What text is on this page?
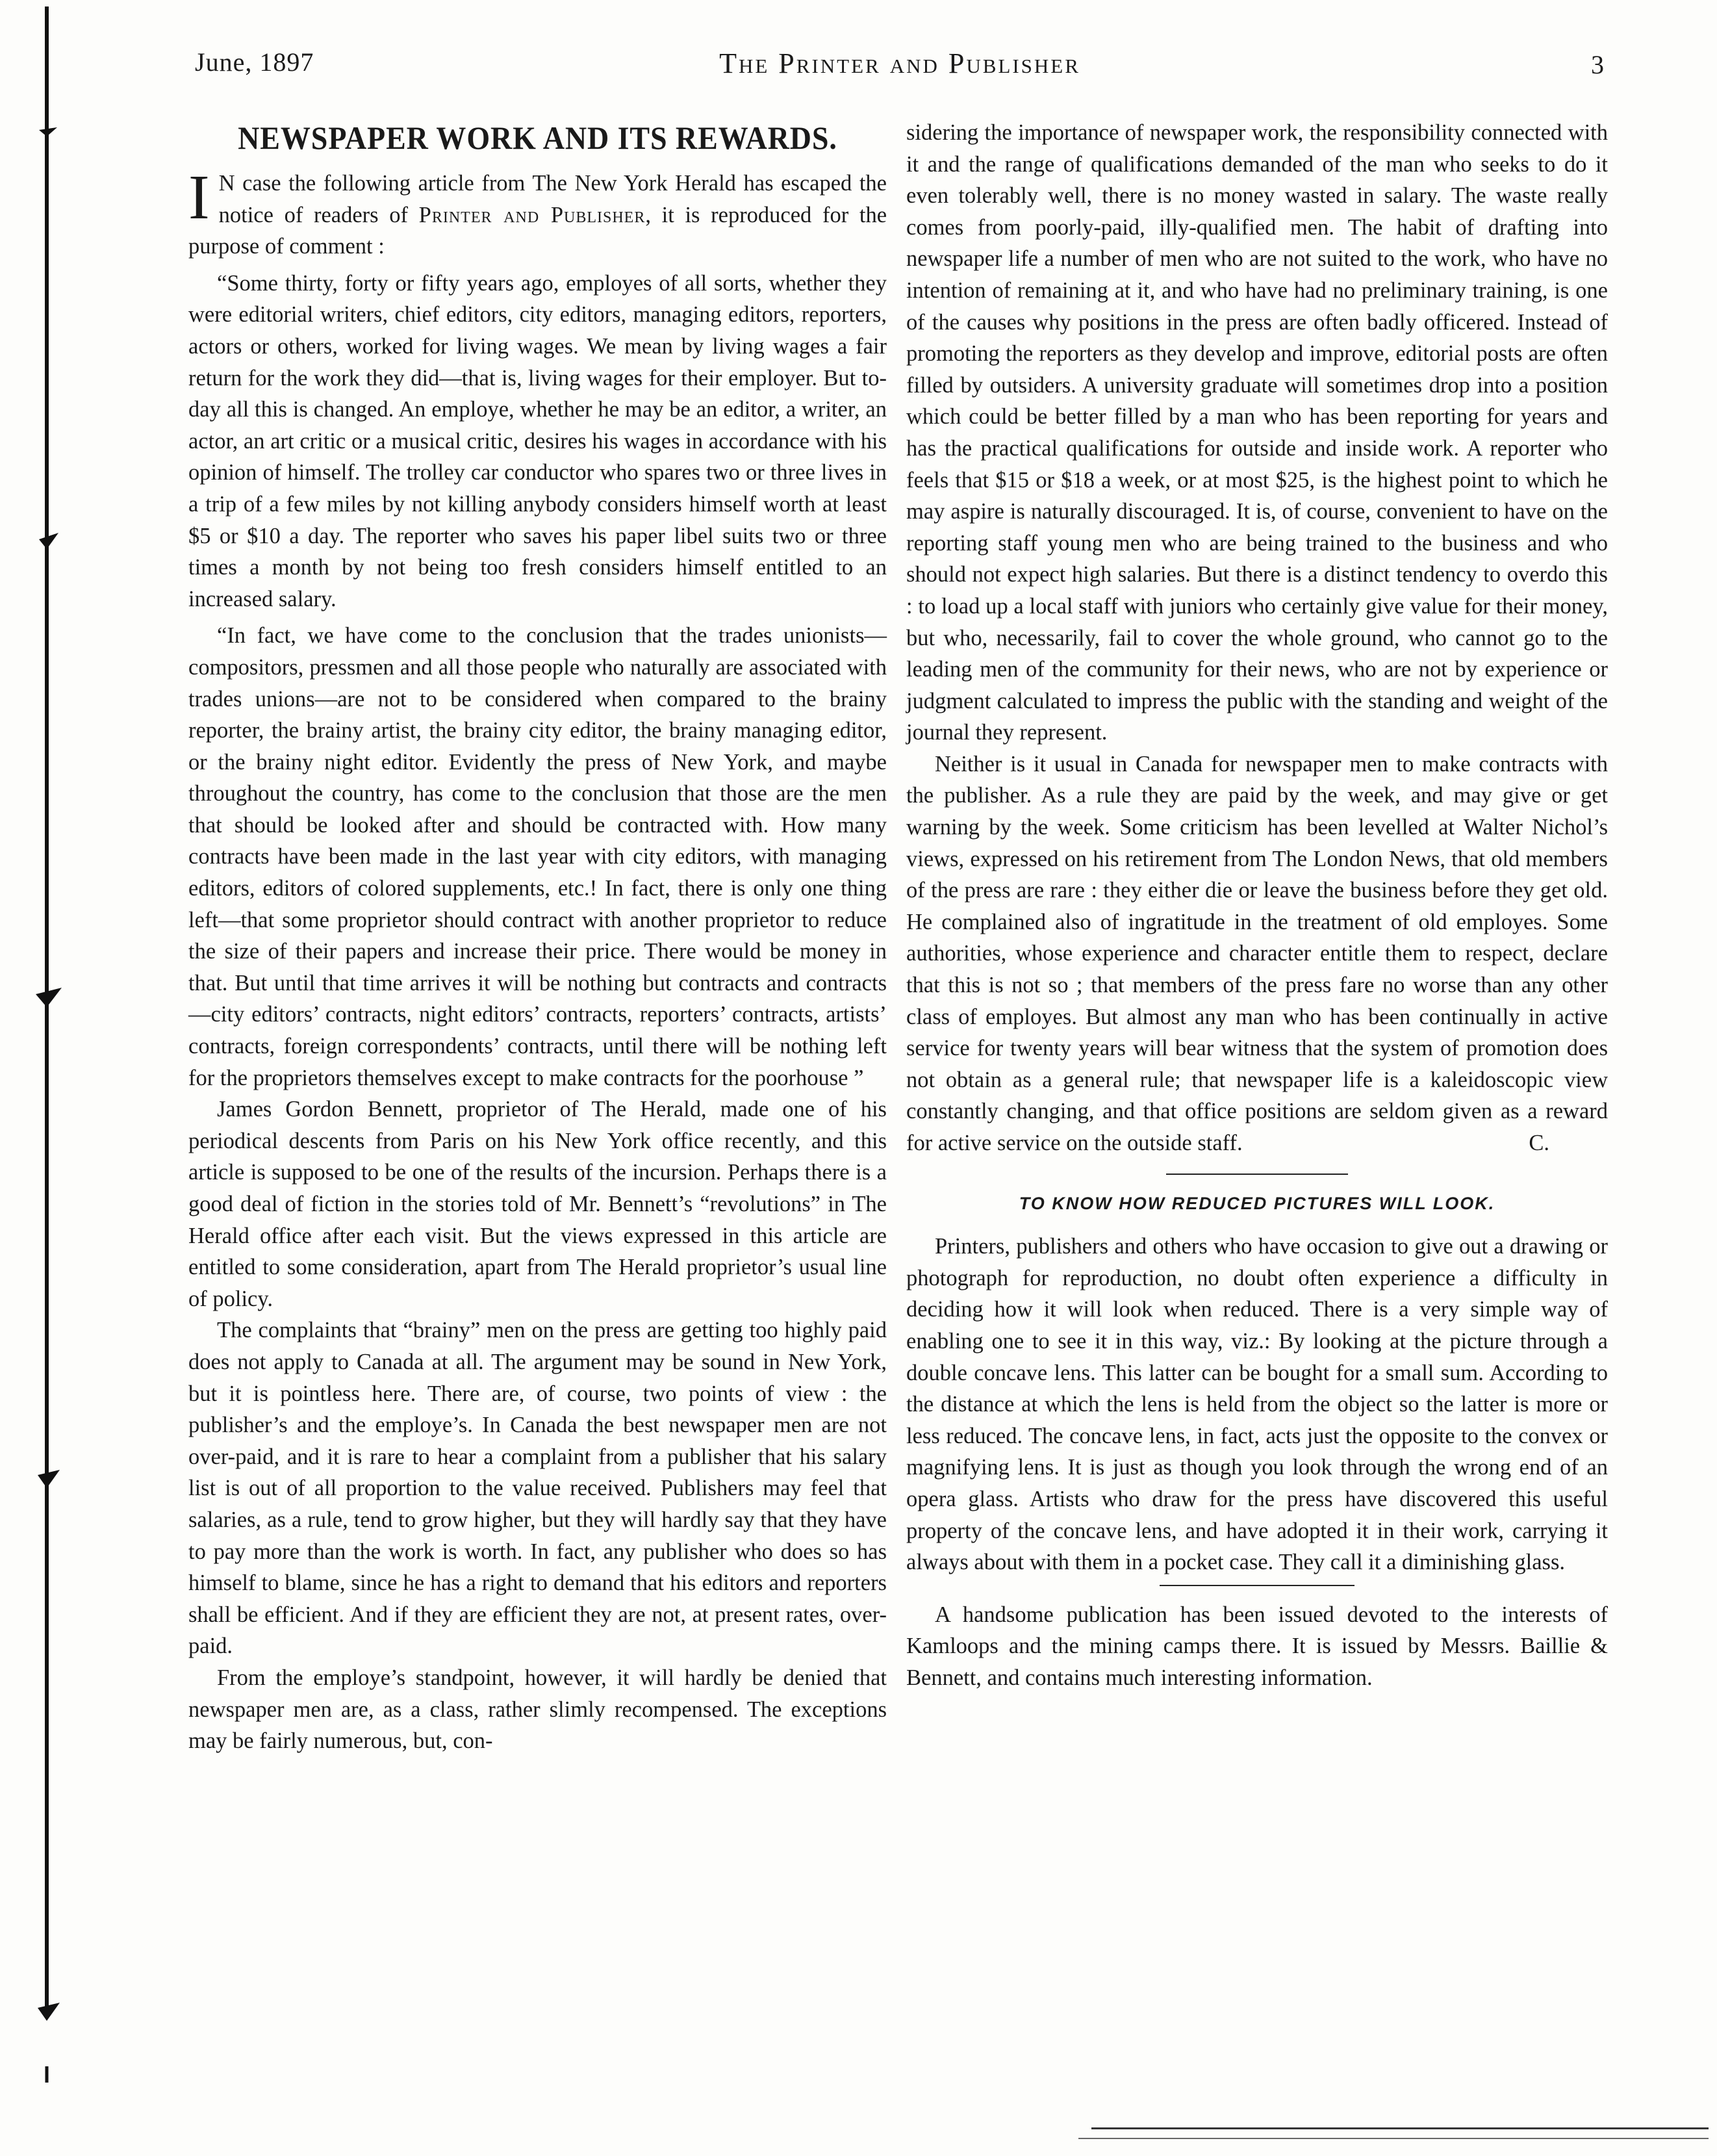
June, 1897	The Printer and Publisher	3
NEWSPAPER WORK AND ITS REWARDS.

I N case the following article from The New York Herald has escaped the notice of readers of Printer and Publisher, it is reproduced for the purpose of comment :

“Some thirty, forty or fifty years ago, employes of all sorts, whether they were editorial writers, chief editors, city editors, managing editors, reporters, actors or others, worked for living wages. We mean by living wages a fair return for the work they did—that is, living wages for their employer. But to-day all this is changed. An employe, whether he may be an editor, a writer, an actor, an art critic or a musical critic, desires his wages in accordance with his opinion of himself. The trolley car conductor who spares two or three lives in a trip of a few miles by not killing anybody considers himself worth at least $5 or $10 a day. The reporter who saves his paper libel suits two or three times a month by not being too fresh considers himself entitled to an increased salary.

“In fact, we have come to the conclusion that the trades unionists—compositors, pressmen and all those people who naturally are associated with trades unions—are not to be considered when compared to the brainy reporter, the brainy artist, the brainy city editor, the brainy managing editor, or the brainy night editor. Evidently the press of New York, and maybe throughout the country, has come to the conclusion that those are the men that should be looked after and should be contracted with. How many contracts have been made in the last year with city editors, with managing editors, editors of colored supplements, etc.! In fact, there is only one thing left—that some proprietor should contract with another proprietor to reduce the size of their papers and increase their price. There would be money in that. But until that time arrives it will be nothing but contracts and contracts—city editors’ contracts, night editors’ contracts, reporters’ contracts, artists’ contracts, foreign correspondents’ contracts, until there will be nothing left for the proprietors themselves except to make contracts for the poorhouse ”

James Gordon Bennett, proprietor of The Herald, made one of his periodical descents from Paris on his New York office recently, and this article is supposed to be one of the results of the incursion. Perhaps there is a good deal of fiction in the stories told of Mr. Bennett’s “revolutions” in The Herald office after each visit. But the views expressed in this article are entitled to some consideration, apart from The Herald proprietor’s usual line of policy.

The complaints that “brainy” men on the press are getting too highly paid does not apply to Canada at all. The argument may be sound in New York, but it is pointless here. There are, of course, two points of view : the publisher’s and the employe’s. In Canada the best newspaper men are not over-paid, and it is rare to hear a complaint from a publisher that his salary list is out of all proportion to the value received. Publishers may feel that salaries, as a rule, tend to grow higher, but they will hardly say that they have to pay more than the work is worth. In fact, any publisher who does so has himself to blame, since he has a right to demand that his editors and reporters shall be efficient. And if they are efficient they are not, at present rates, over-paid.

From the employe’s standpoint, however, it will hardly be denied that newspaper men are, as a class, rather slimly recompensed. The exceptions may be fairly numerous, but, con-

sidering the importance of newspaper work, the responsibility connected with it and the range of qualifications demanded of the man who seeks to do it even tolerably well, there is no money wasted in salary. The waste really comes from poorly-paid, illy-qualified men. The habit of drafting into newspaper life a number of men who are not suited to the work, who have no intention of remaining at it, and who have had no preliminary training, is one of the causes why positions in the press are often badly officered. Instead of promoting the reporters as they develop and improve, editorial posts are often filled by outsiders. A university graduate will sometimes drop into a position which could be better filled by a man who has been reporting for years and has the practical qualifications for outside and inside work. A reporter who feels that $15 or $18 a week, or at most $25, is the highest point to which he may aspire is naturally discouraged. It is, of course, convenient to have on the reporting staff young men who are being trained to the business and who should not expect high salaries. But there is a distinct tendency to overdo this : to load up a local staff with juniors who certainly give value for their money, but who, necessarily, fail to cover the whole ground, who cannot go to the leading men of the community for their news, who are not by experience or judgment calculated to impress the public with the standing and weight of the journal they represent.

Neither is it usual in Canada for newspaper men to make contracts with the publisher. As a rule they are paid by the week, and may give or get warning by the week. Some criticism has been levelled at Walter Nichol’s views, expressed on his retirement from The London News, that old members of the press are rare : they either die or leave the business before they get old. He complained also of ingratitude in the treatment of old employes. Some authorities, whose experience and character entitle them to respect, declare that this is not so ; that members of the press fare no worse than any other class of employes. But almost any man who has been continually in active service for twenty years will bear witness that the system of promotion does not obtain as a general rule; that newspaper life is a kaleidoscopic view constantly changing, and that office positions are seldom given as a reward for active service on the outside staff.	C.
TO KNOW HOW REDUCED PICTURES WILL LOOK.

Printers, publishers and others who have occasion to give out a drawing or photograph for reproduction, no doubt often experience a difficulty in deciding how it will look when reduced. There is a very simple way of enabling one to see it in this way, viz.: By looking at the picture through a double concave lens. This latter can be bought for a small sum. According to the distance at which the lens is held from the object so the latter is more or less reduced. The concave lens, in fact, acts just the opposite to the convex or magnifying lens. It is just as though you look through the wrong end of an opera glass. Artists who draw for the press have discovered this useful property of the concave lens, and have adopted it in their work, carrying it always about with them in a pocket case. They call it a diminishing glass.

A handsome publication has been issued devoted to the interests of Kamloops and the mining camps there. It is issued by Messrs. Baillie & Bennett, and contains much interesting information.
